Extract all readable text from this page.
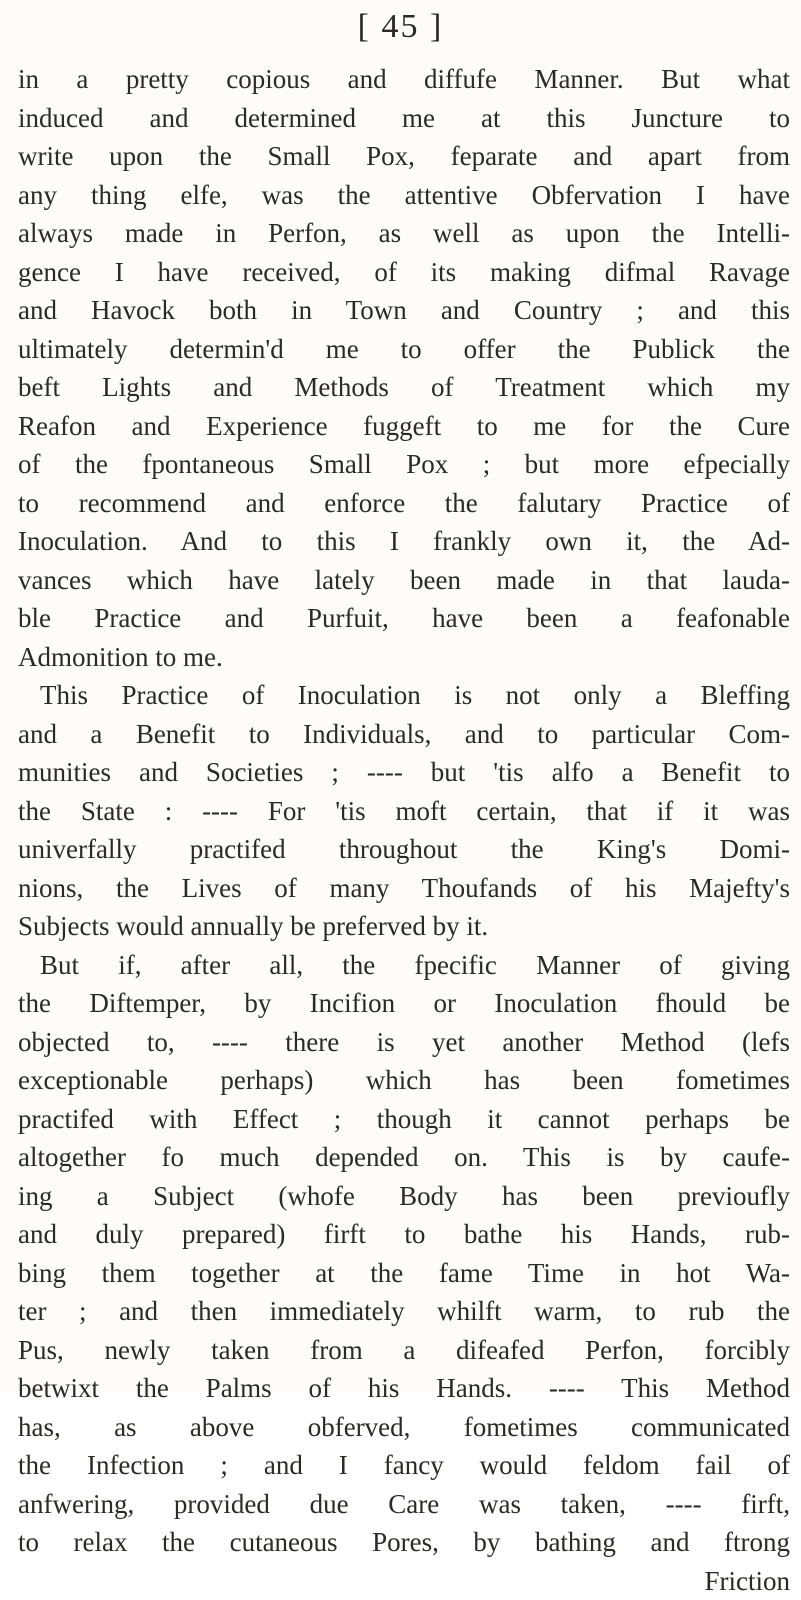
[ 45 ]
in a pretty copious and diffufe Manner. But what
induced and determined me at this Juncture to
write upon the Small Pox, feparate and apart from
any thing elfe, was the attentive Obfervation I have
always made in Perfon, as well as upon the Intelli-
gence I have received, of its making difmal Ravage
and Havock both in Town and Country ; and this
ultimately determin'd me to offer the Publick the
beft Lights and Methods of Treatment which my
Reafon and Experience fuggeft to me for the Cure
of the fpontaneous Small Pox ; but more efpecially
to recommend and enforce the falutary Practice of
Inoculation. And to this I frankly own it, the Ad-
vances which have lately been made in that lauda-
ble Practice and Purfuit, have been a feafonable
Admonition to me.
This Practice of Inoculation is not only a Bleffing
and a Benefit to Individuals, and to particular Com-
munities and Societies ; ---- but 'tis alfo a Benefit to
the State : ---- For 'tis moft certain, that if it was
univerfally practifed throughout the King's Domi-
nions, the Lives of many Thoufands of his Majefty's
Subjects would annually be preferved by it.
But if, after all, the fpecific Manner of giving
the Diftemper, by Incifion or Inoculation fhould be
objected to, ---- there is yet another Method (lefs
exceptionable perhaps) which has been fometimes
practifed with Effect ; though it cannot perhaps be
altogether fo much depended on. This is by caufe-
ing a Subject (whofe Body has been previoufly
and duly prepared) firft to bathe his Hands, rub-
bing them together at the fame Time in hot Wa-
ter ; and then immediately whilft warm, to rub the
Pus, newly taken from a difeafed Perfon, forcibly
betwixt the Palms of his Hands. ---- This Method
has, as above obferved, fometimes communicated
the Infection ; and I fancy would feldom fail of
anfwering, provided due Care was taken, ---- firft,
to relax the cutaneous Pores, by bathing and ftrong
Friction
